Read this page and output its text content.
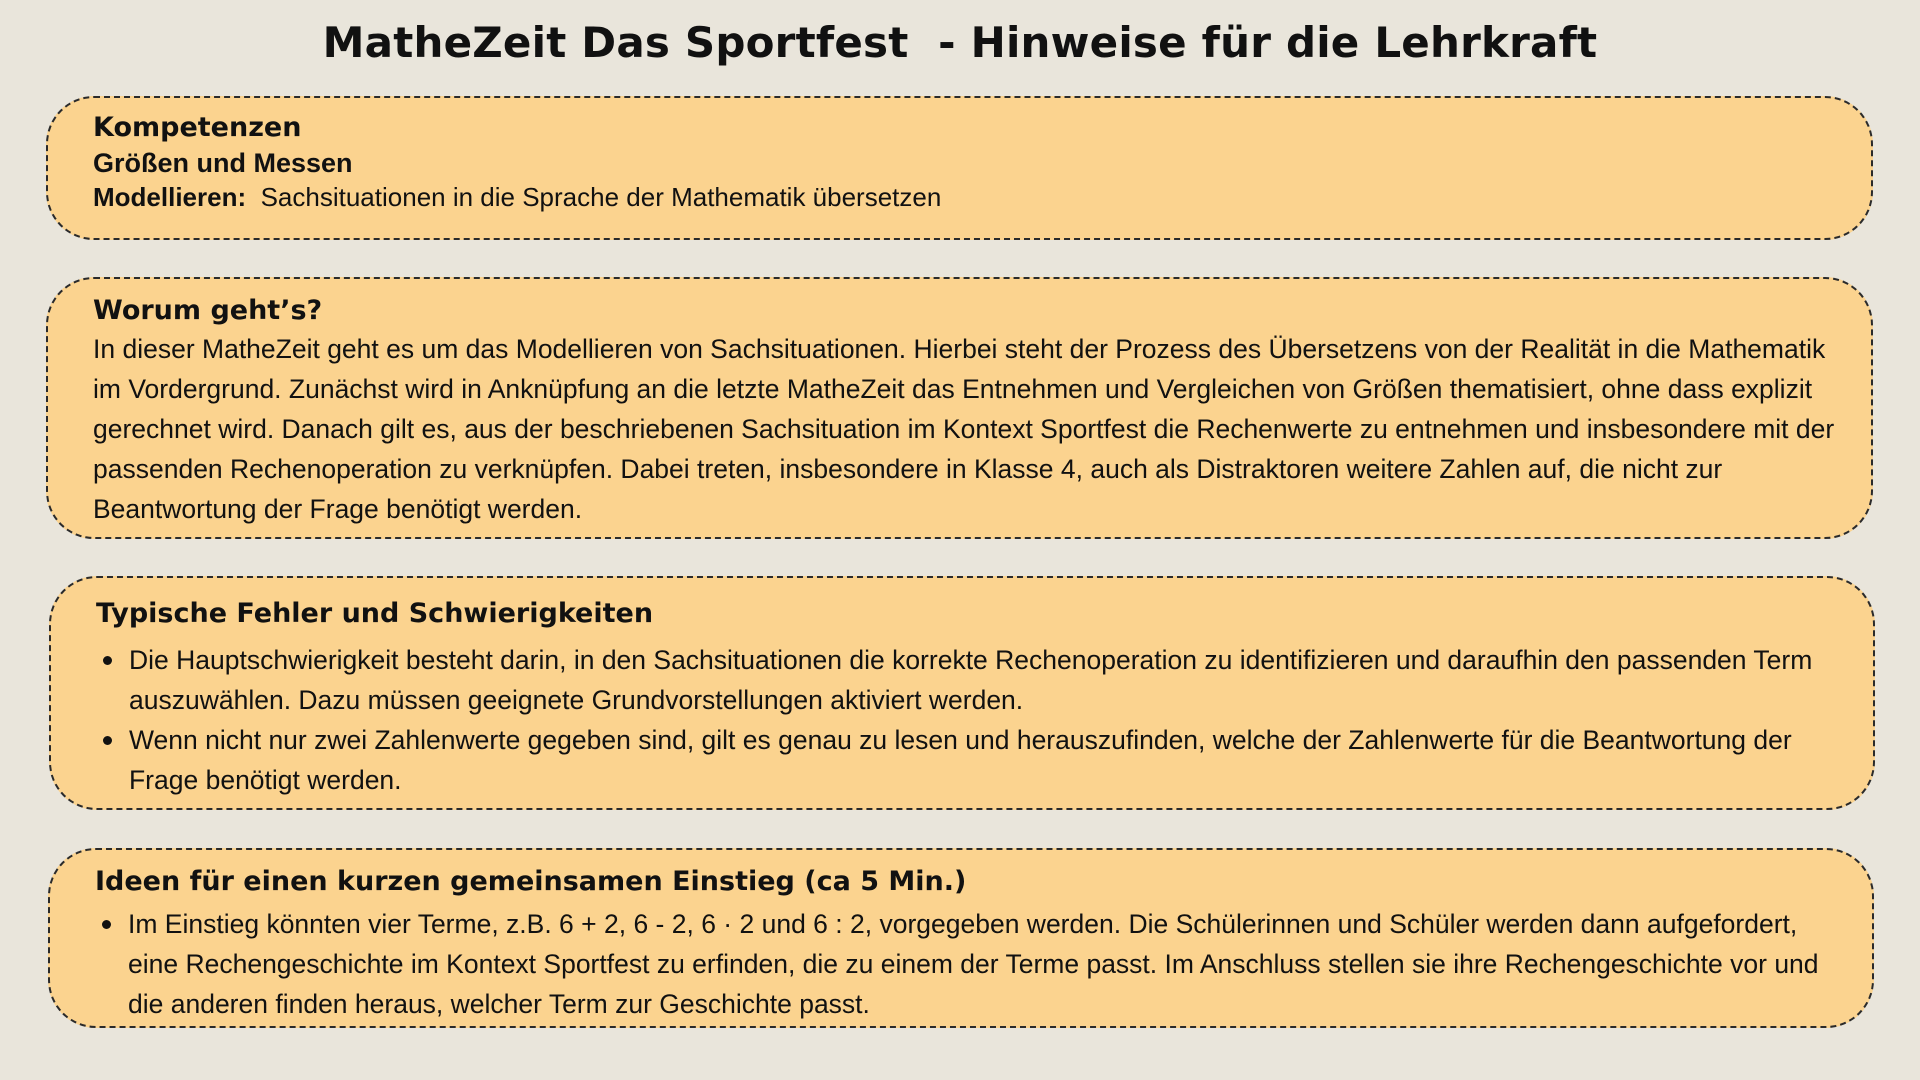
MatheZeit Das Sportfest  - Hinweise für die Lehrkraft
Kompetenzen
Größen und Messen
Modellieren:  Sachsituationen in die Sprache der Mathematik übersetzen
Worum geht’s?

In dieser MatheZeit geht es um das Modellieren von Sachsituationen. Hierbei steht der Prozess des Übersetzens von der Realität in die Mathematik im Vordergrund. Zunächst wird in Anknüpfung an die letzte MatheZeit das Entnehmen und Vergleichen von Größen thematisiert, ohne dass explizit gerechnet wird. Danach gilt es, aus der beschriebenen Sachsituation im Kontext Sportfest die Rechenwerte zu entnehmen und insbesondere mit der passenden Rechenoperation zu verknüpfen. Dabei treten, insbesondere in Klasse 4, auch als Distraktoren weitere Zahlen auf, die nicht zur Beantwortung der Frage benötigt werden.

Typische Fehler und Schwierigkeiten
Die Hauptschwierigkeit besteht darin, in den Sachsituationen die korrekte Rechenoperation zu identifizieren und daraufhin den passenden Term auszuwählen. Dazu müssen geeignete Grundvorstellungen aktiviert werden.
Wenn nicht nur zwei Zahlenwerte gegeben sind, gilt es genau zu lesen und herauszufinden, welche der Zahlenwerte für die Beantwortung der Frage benötigt werden.
Ideen für einen kurzen gemeinsamen Einstieg (ca 5 Min.)
Im Einstieg könnten vier Terme, z.B. 6 + 2, 6 - 2, 6 · 2 und 6 : 2, vorgegeben werden. Die Schülerinnen und Schüler werden dann aufgefordert, eine Rechengeschichte im Kontext Sportfest zu erfinden, die zu einem der Terme passt. Im Anschluss stellen sie ihre Rechengeschichte vor und die anderen finden heraus, welcher Term zur Geschichte passt.
